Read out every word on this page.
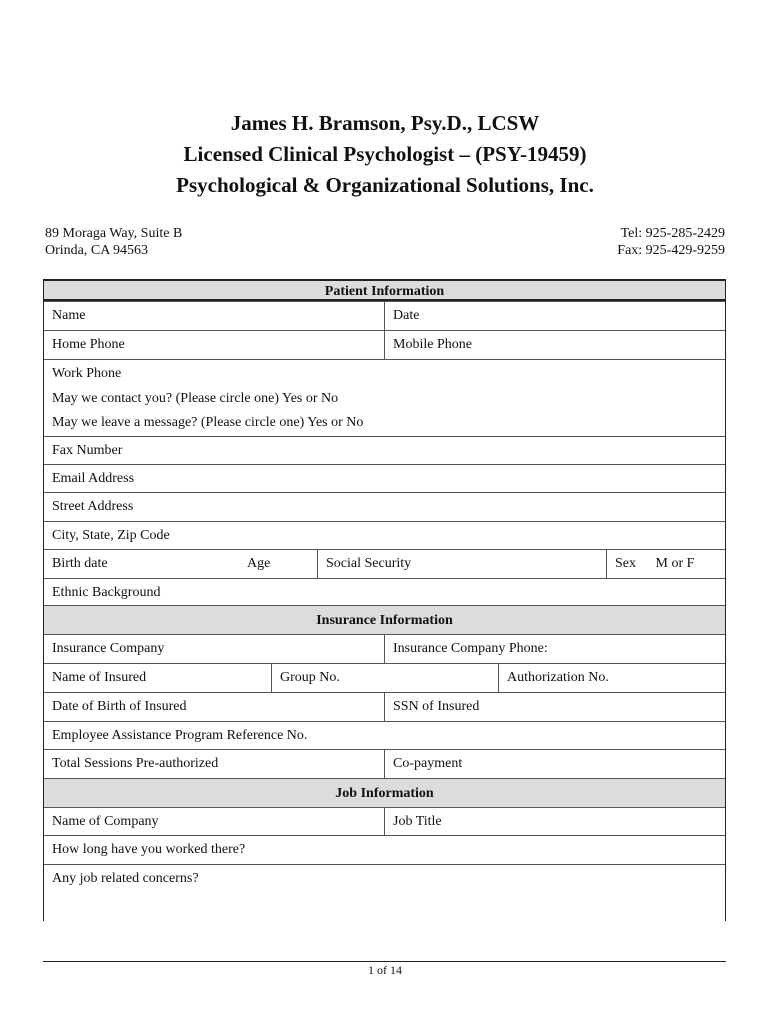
James H. Bramson, Psy.D., LCSW
Licensed Clinical Psychologist – (PSY-19459)
Psychological & Organizational Solutions, Inc.
89 Moraga Way, Suite B
Orinda, CA 94563
Tel: 925-285-2429
Fax: 925-429-9259
Patient Information
Name	Date
Home Phone	Mobile Phone
Work Phone
May we contact you? (Please circle one) Yes or No
May we leave a message? (Please circle one) Yes or No
Fax Number
Email Address
Street Address
City, State, Zip Code
Birth date	Age	Social Security	Sex M or F
Ethnic Background
Insurance Information
Insurance Company	Insurance Company Phone:
Name of Insured	Group No.	Authorization No.
Date of Birth of Insured	SSN of Insured
Employee Assistance Program Reference No.
Total Sessions Pre-authorized	Co-payment
Job Information
Name of Company	Job Title
How long have you worked there?
Any job related concerns?
1 of 14
